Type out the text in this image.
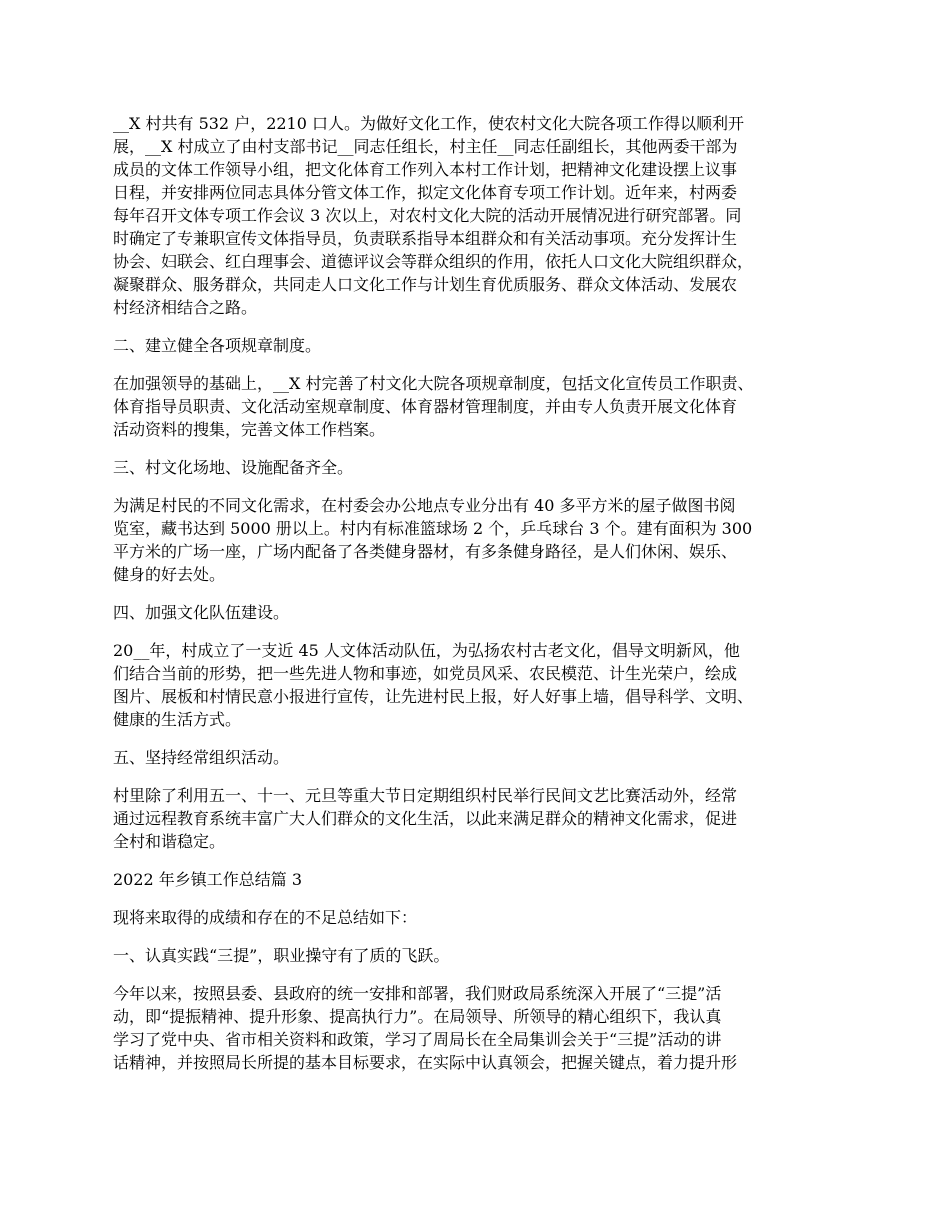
__X 村共有 532 户，2210 口人。为做好文化工作，使农村文化大院各项工作得以顺利开
展，__X 村成立了由村支部书记__同志任组长，村主任__同志任副组长，其他两委干部为
成员的文体工作领导小组，把文化体育工作列入本村工作计划，把精神文化建设摆上议事
日程，并安排两位同志具体分管文体工作，拟定文化体育专项工作计划。近年来，村两委
每年召开文体专项工作会议 3 次以上，对农村文化大院的活动开展情况进行研究部署。同
时确定了专兼职宣传文体指导员，负责联系指导本组群众和有关活动事项。充分发挥计生
协会、妇联会、红白理事会、道德评议会等群众组织的作用，依托人口文化大院组织群众，
凝聚群众、服务群众，共同走人口文化工作与计划生育优质服务、群众文体活动、发展农
村经济相结合之路。

二、建立健全各项规章制度。

在加强领导的基础上，__X 村完善了村文化大院各项规章制度，包括文化宣传员工作职责、
体育指导员职责、文化活动室规章制度、体育器材管理制度，并由专人负责开展文化体育
活动资料的搜集，完善文体工作档案。

三、村文化场地、设施配备齐全。

为满足村民的不同文化需求，在村委会办公地点专业分出有 40 多平方米的屋子做图书阅
览室，藏书达到 5000 册以上。村内有标准篮球场 2 个，乒乓球台 3 个。建有面积为 300
平方米的广场一座，广场内配备了各类健身器材，有多条健身路径，是人们休闲、娱乐、
健身的好去处。

四、加强文化队伍建设。

20__年，村成立了一支近 45 人文体活动队伍，为弘扬农村古老文化，倡导文明新风，他
们结合当前的形势，把一些先进人物和事迹，如党员风采、农民模范、计生光荣户，绘成
图片、展板和村情民意小报进行宣传，让先进村民上报，好人好事上墙，倡导科学、文明、
健康的生活方式。

五、坚持经常组织活动。

村里除了利用五一、十一、元旦等重大节日定期组织村民举行民间文艺比赛活动外，经常
通过远程教育系统丰富广大人们群众的文化生活，以此来满足群众的精神文化需求，促进
全村和谐稳定。

2022 年乡镇工作总结篇 3

现将来取得的成绩和存在的不足总结如下：

一、认真实践“三提”，职业操守有了质的飞跃。

今年以来，按照县委、县政府的统一安排和部署，我们财政局系统深入开展了“三提”活
动，即“提振精神、提升形象、提高执行力”。在局领导、所领导的精心组织下，我认真
学习了党中央、省市相关资料和政策，学习了周局长在全局集训会关于“三提”活动的讲
话精神，并按照局长所提的基本目标要求，在实际中认真领会，把握关键点，着力提升形
